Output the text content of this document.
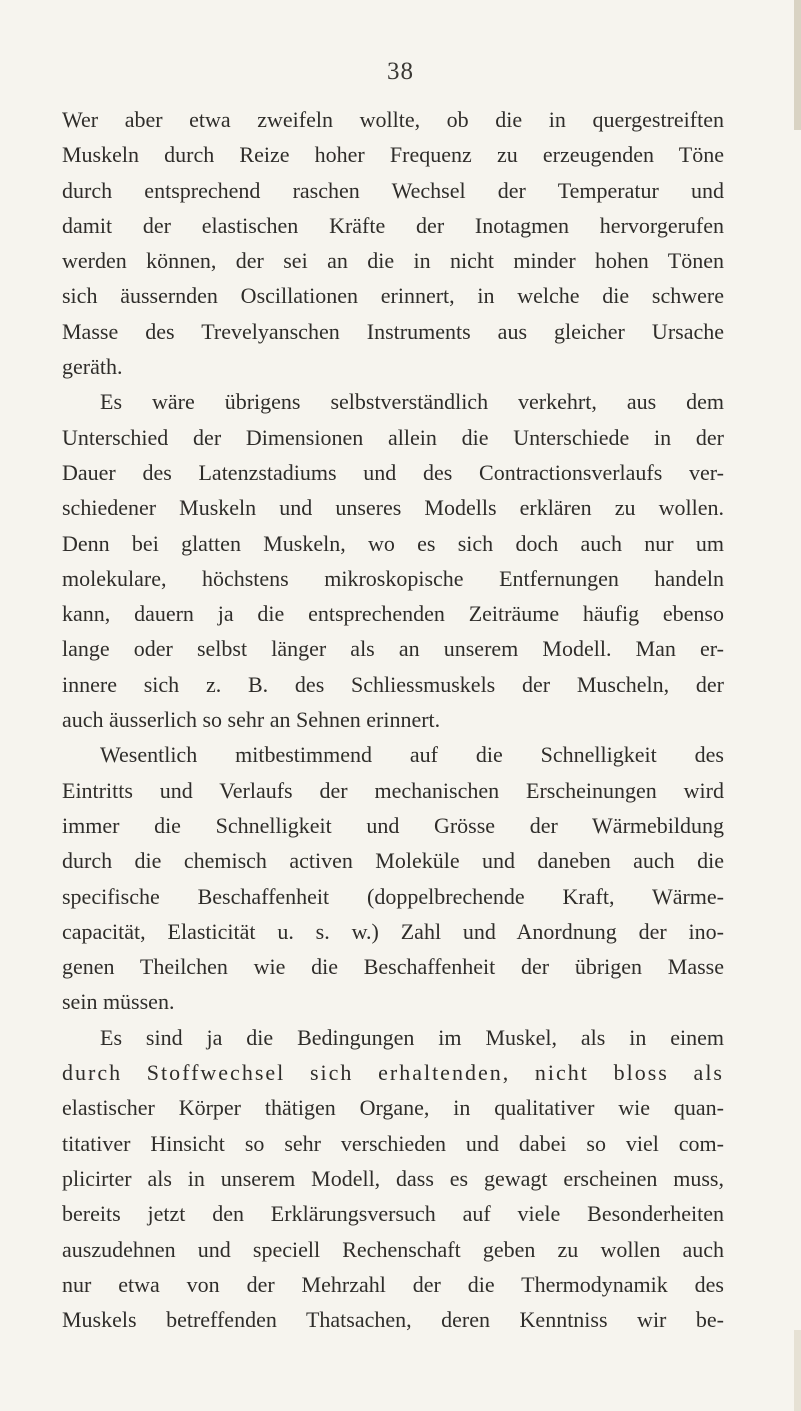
38
Wer aber etwa zweifeln wollte, ob die in quergestreiften
Muskeln durch Reize hoher Frequenz zu erzeugenden Töne
durch entsprechend raschen Wechsel der Temperatur und
damit der elastischen Kräfte der Inotagmen hervorgerufen
werden können, der sei an die in nicht minder hohen Tönen
sich äussernden Oscillationen erinnert, in welche die schwere
Masse des Trevelyanschen Instruments aus gleicher Ursache
geräth.
Es wäre übrigens selbstverständlich verkehrt, aus dem
Unterschied der Dimensionen allein die Unterschiede in der
Dauer des Latenzstadiums und des Contractionsverlaufs ver-
schiedener Muskeln und unseres Modells erklären zu wollen.
Denn bei glatten Muskeln, wo es sich doch auch nur um
molekulare, höchstens mikroskopische Entfernungen handeln
kann, dauern ja die entsprechenden Zeiträume häufig ebenso
lange oder selbst länger als an unserem Modell. Man er-
innere sich z. B. des Schliessmuskels der Muscheln, der
auch äusserlich so sehr an Sehnen erinnert.
Wesentlich mitbestimmend auf die Schnelligkeit des
Eintritts und Verlaufs der mechanischen Erscheinungen wird
immer die Schnelligkeit und Grösse der Wärmebildung
durch die chemisch activen Moleküle und daneben auch die
specifische Beschaffenheit (doppelbrechende Kraft, Wärme-
capacität, Elasticität u. s. w.) Zahl und Anordnung der ino-
genen Theilchen wie die Beschaffenheit der übrigen Masse
sein müssen.
Es sind ja die Bedingungen im Muskel, als in einem
durch Stoffwechsel sich erhaltenden, nicht bloss als
elastischer Körper thätigen Organe, in qualitativer wie quan-
titativer Hinsicht so sehr verschieden und dabei so viel com-
plicirter als in unserem Modell, dass es gewagt erscheinen muss,
bereits jetzt den Erklärungsversuch auf viele Besonderheiten
auszudehnen und speciell Rechenschaft geben zu wollen auch
nur etwa von der Mehrzahl der die Thermodynamik des
Muskels betreffenden Thatsachen, deren Kenntniss wir be-
